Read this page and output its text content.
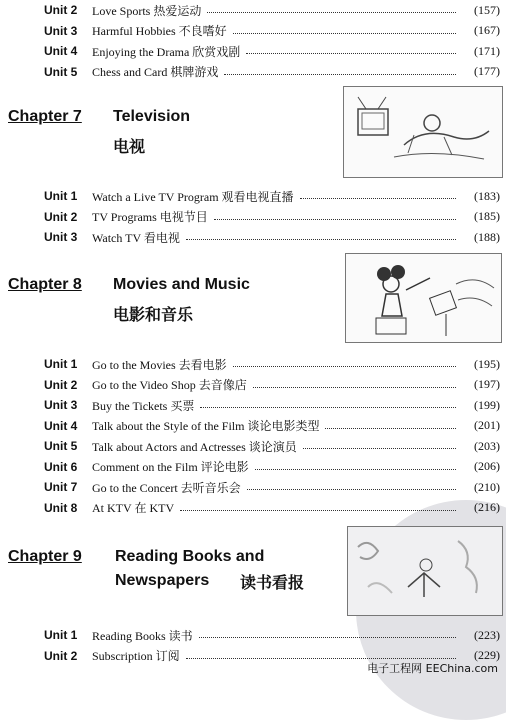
Unit 2	Love Sports 热爱运动	(157)
Unit 3	Harmful Hobbies 不良嗜好	(167)
Unit 4	Enjoying the Drama 欣赏戏剧	(171)
Unit 5	Chess and Card 棋牌游戏	(177)
Chapter 7 Television
电视
Unit 1	Watch a Live TV Program 观看电视直播	(183)
Unit 2	TV Programs 电视节目	(185)
Unit 3	Watch TV 看电视	(188)
Chapter 8 Movies and Music
电影和音乐
Unit 1	Go to the Movies 去看电影	(195)
Unit 2	Go to the Video Shop 去音像店	(197)
Unit 3	Buy the Tickets 买票	(199)
Unit 4	Talk about the Style of the Film 谈论电影类型	(201)
Unit 5	Talk about Actors and Actresses 谈论演员	(203)
Unit 6	Comment on the Film 评论电影	(206)
Unit 7	Go to the Concert 去听音乐会	(210)
Unit 8	At KTV 在 KTV	(216)
Chapter 9 Reading Books and
Newspapers 读书看报
Unit 1	Reading Books 读书	(223)
Unit 2	Subscription 订阅	(229)
电子工程网 EEChina.com
